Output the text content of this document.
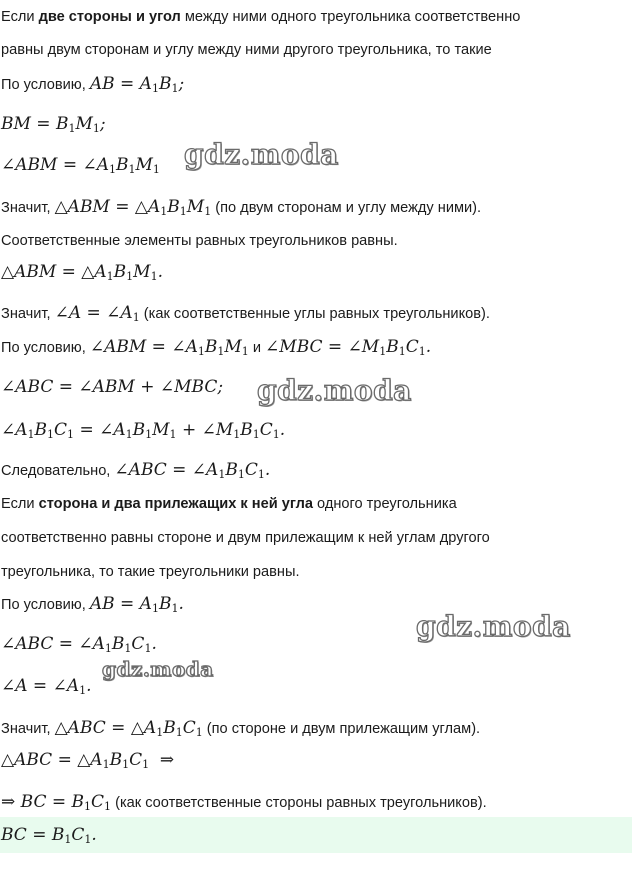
Если две стороны и угол между ними одного треугольника соответственно
равны двум сторонам и углу между ними другого треугольника, то такие
По условию, AB = $A_1B_1$;
BM = $B_1M_1$;
∠ABM = $\angle A_1B_1M_1$
Значит, △ABM = $\triangle A_1B_1M_1$ (по двум сторонам и углу между ними).
Соответственные элементы равных треугольников равны.
△ABM = $\triangle A_1B_1M_1$.
Значит, ∠A = $\angle A_1$ (как соответственные углы равных треугольников).
По условию, ∠ABM = $\angle A_1B_1M_1$ и ∠MBC = $\angle M_1B_1C_1$.
∠ABC = ∠ABM + ∠MBC;
$\angle A_1B_1C_1$ = $\angle A_1B_1M_1$ + $\angle M_1B_1C_1$.
Следовательно, ∠ABC = $\angle A_1B_1C_1$.
Если сторона и два прилежащих к ней угла одного треугольника
соответственно равны стороне и двум прилежащим к ней углам другого
треугольника, то такие треугольники равны.
По условию, AB = $A_1B_1$.
∠ABC = $\angle A_1B_1C_1$.
∠A = $\angle A_1$.
Значит, △ABC = $\triangle A_1B_1C_1$ (по стороне и двум прилежащим углам).
△ABC = $\triangle A_1B_1C_1$  ⇒
⇒ BC = $B_1C_1$ (как соответственные стороны равных треугольников).
BC = $B_1C_1$.
gdz.moda
gdz.moda
gdz.moda
gdz.moda
